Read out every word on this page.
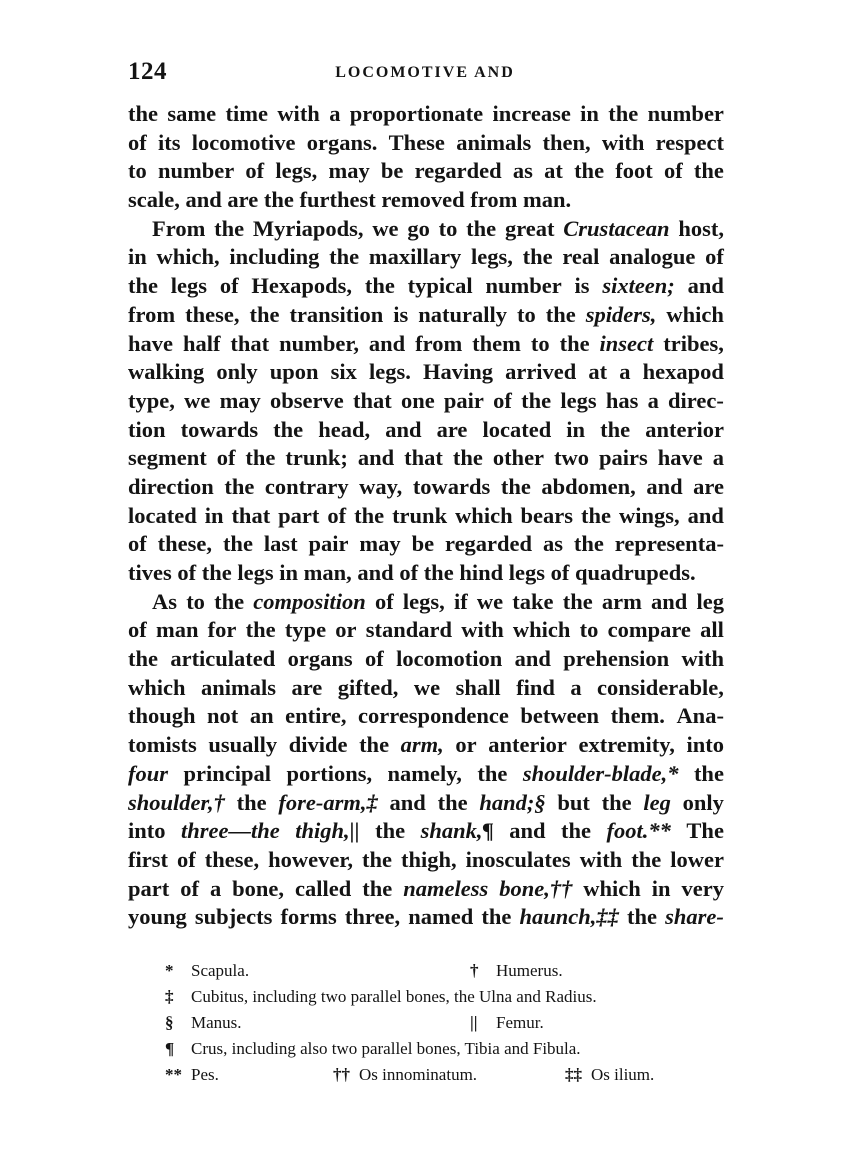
124	LOCOMOTIVE AND
the same time with a proportionate increase in the number
of its locomotive organs. These animals then, with respect
to number of legs, may be regarded as at the foot of the
scale,
and
are
the
furthest
removed
from
man.
From the Myriapods, we go to the great Crustacean host,
in which, including the maxillary legs, the real analogue of
the legs of Hexapods, the typical number is sixteen; and
from these, the transition is naturally to the spiders, which
have half that number, and from them to the insect tribes,
walking only upon six legs. Having arrived at a hexapod
type, we may observe that one pair of the legs has a direc-
tion towards the head, and are located in the anterior
segment of the trunk; and that the other two pairs have a
direction the contrary way, towards the abdomen, and are
located in that part of the trunk which bears the wings, and
of these, the last pair may be regarded as the representa-
tives
of
the
legs
in
man,
and
of
the
hind
legs
of
quadrupeds.
As to the composition of legs, if we take the arm and leg
of man for the type or standard with which to compare all
the articulated organs of locomotion and prehension with
which animals are gifted, we shall find a considerable,
though not an entire, correspondence between them. Ana-
tomists usually divide the arm, or anterior extremity, into
four principal portions, namely, the shoulder-blade,* the
shoulder,† the fore-arm,‡ and the hand;§ but the leg only
into three—the thigh,|| the shank,¶ and the foot.** The
first of these, however, the thigh, inosculates with the lower
part of a bone, called the nameless bone,†† which in very
young subjects forms three, named the haunch,‡‡ the share-
* Scapula.	† Humerus.
‡ Cubitus, including two parallel bones, the Ulna and Radius.
§ Manus.	|| Femur.
¶ Crus, including also two parallel bones, Tibia and Fibula.
** Pes.	†† Os innominatum.	‡‡ Os ilium.
